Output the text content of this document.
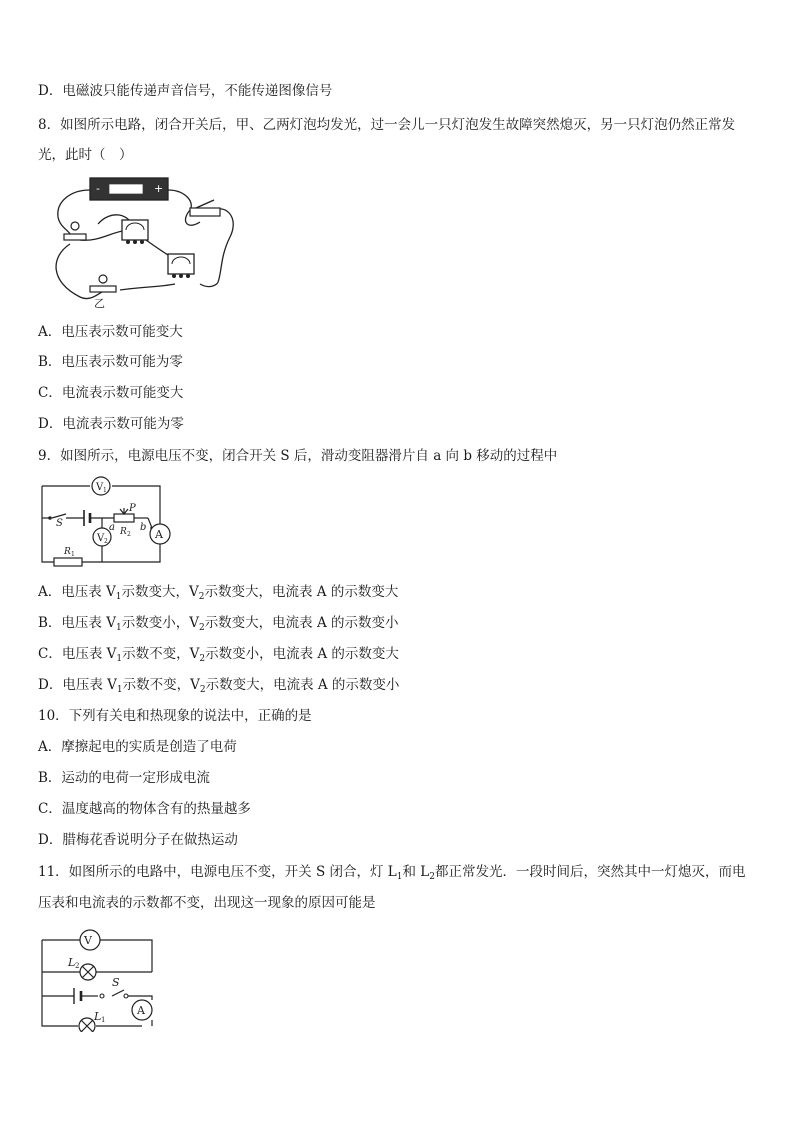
D．电磁波只能传递声音信号，不能传递图像信号
8．如图所示电路，闭合开关后，甲、乙两灯泡均发光，过一会儿一只灯泡发生故障突然熄灭，另一只灯泡仍然正常发
光，此时（　）
-	+
乙
A．电压表示数可能变大
B．电压表示数可能为零
C．电流表示数可能变大
D．电流表示数可能为零
9．如图所示，电源电压不变，闭合开关 S 后，滑动变阻器滑片自 a 向 b 移动的过程中
V 1
V 2
A
S
P
a	b
R 2
R 1
A．电压表 $V_1$示数变大，$V_2$示数变大，电流表 A 的示数变大
B．电压表 $V_1$示数变小，$V_2$示数变大，电流表 A 的示数变小
C．电压表 $V_1$示数不变，$V_2$示数变小，电流表 A 的示数变大
D．电压表 $V_1$示数不变，$V_2$示数变大，电流表 A 的示数变小
10．下列有关电和热现象的说法中，正确的是
A．摩擦起电的实质是创造了电荷
B．运动的电荷一定形成电流
C．温度越高的物体含有的热量越多
D．腊梅花香说明分子在做热运动
11．如图所示的电路中，电源电压不变，开关 S 闭合，灯 $L_1$和 $L_2$都正常发光．一段时间后，突然其中一灯熄灭，而电
压表和电流表的示数都不变，出现这一现象的原因可能是
V
A
S
L 2
L 1
